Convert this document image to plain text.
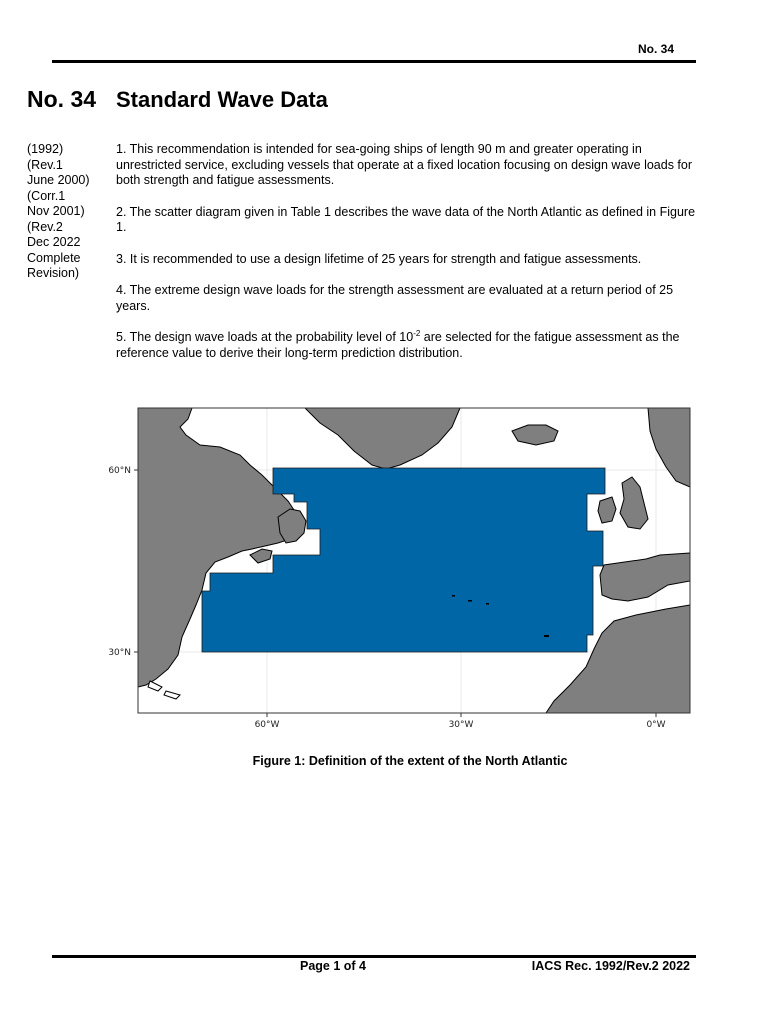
No. 34
No. 34
(1992)
(Rev.1
June 2000)
(Corr.1
Nov 2001)
(Rev.2
Dec 2022
Complete
Revision)
Standard Wave Data

1. This recommendation is intended for sea-going ships of length 90 m and greater operating in unrestricted service, excluding vessels that operate at a fixed location focusing on design wave loads for both strength and fatigue assessments.

2. The scatter diagram given in Table 1 describes the wave data of the North Atlantic as defined in Figure 1.

3. It is recommended to use a design lifetime of 25 years for strength and fatigue assessments.

4. The extreme design wave loads for the strength assessment are evaluated at a return period of 25 years.

5. The design wave loads at the probability level of $10^{-2}$ are selected for the fatigue assessment as the reference value to derive their long-term prediction distribution.

60°N
30°N
60°W	30°W	0°W
Figure 1: Definition of the extent of the North Atlantic
Page 1 of 4	IACS Rec. 1992/Rev.2 2022
